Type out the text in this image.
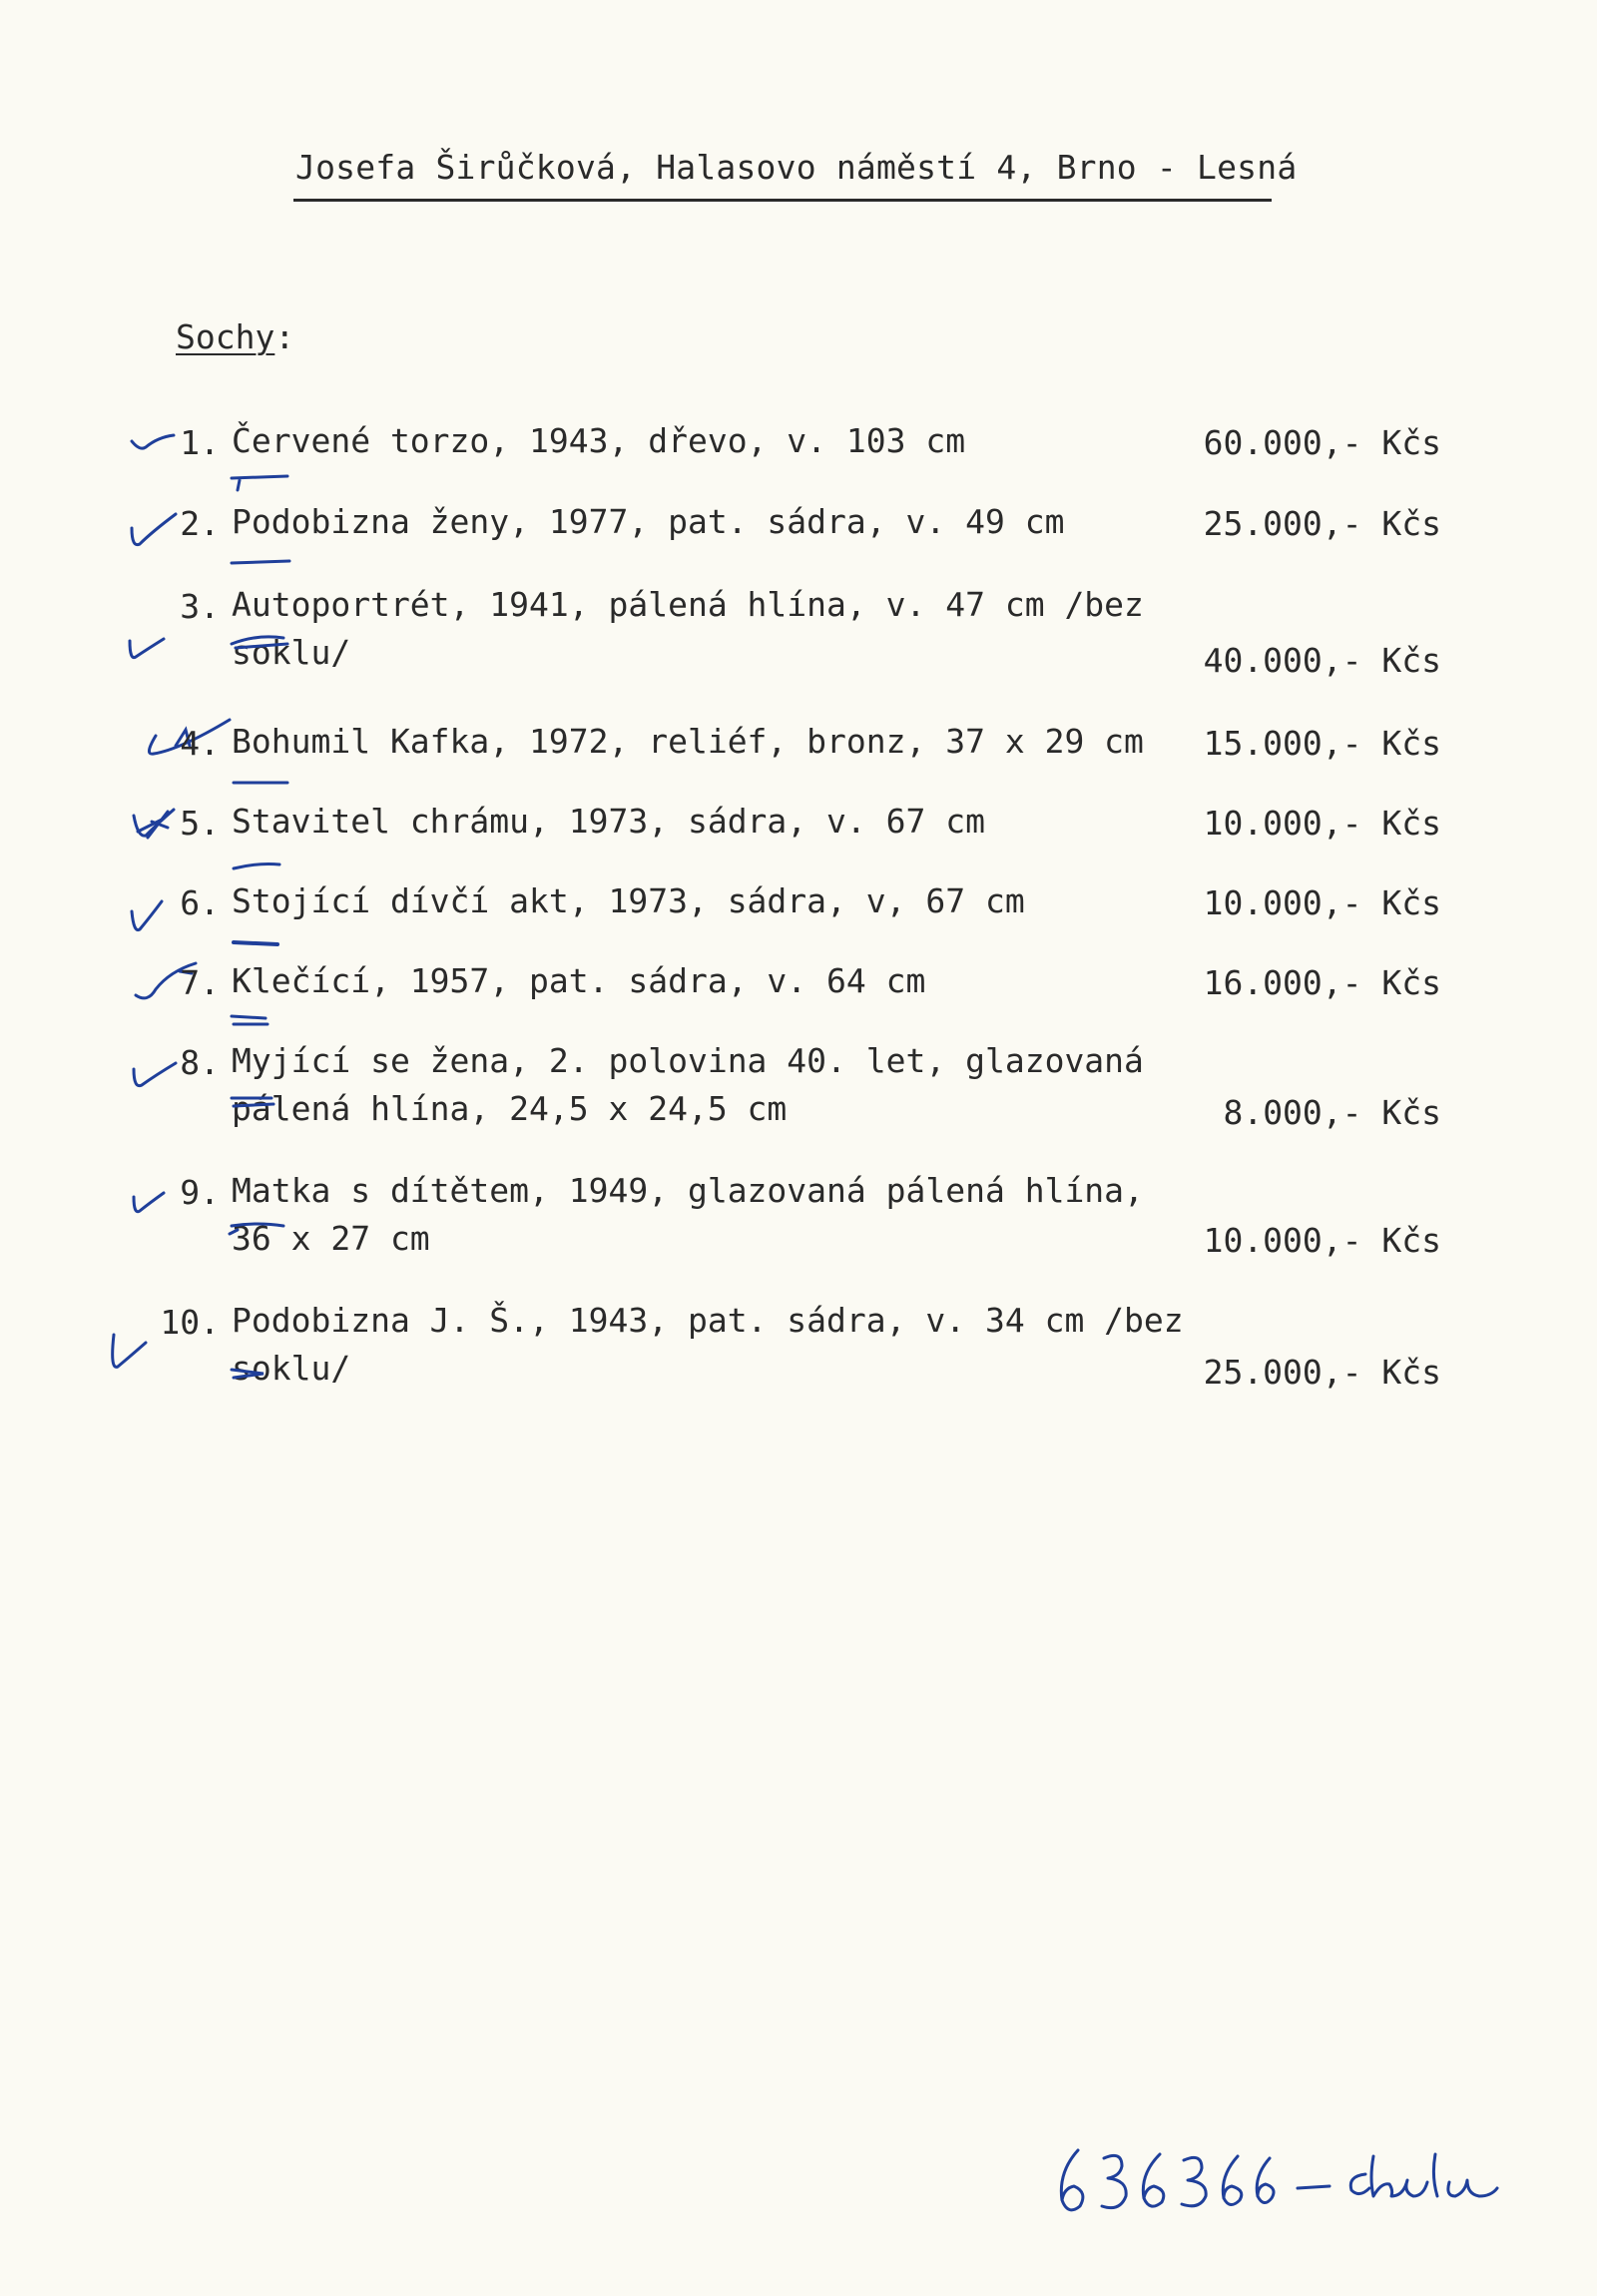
Josefa Širůčková, Halasovo náměstí 4, Brno - Lesná
Sochy:
1. Červené torzo, 1943, dřevo, v. 103 cm	60.000,- Kčs
2. Podobizna ženy, 1977, pat. sádra, v. 49 cm	25.000,- Kčs
3. Autoportrét, 1941, pálená hlína, v. 47 cm /bez
soklu/	40.000,- Kčs
4. Bohumil Kafka, 1972, reliéf, bronz, 37 x 29 cm 15.000,- Kčs
5. Stavitel chrámu, 1973, sádra, v. 67 cm	10.000,- Kčs
6. Stojící dívčí akt, 1973, sádra, v, 67 cm	10.000,- Kčs
7. Klečící, 1957, pat. sádra, v. 64 cm	16.000,- Kčs
8. Myjící se žena, 2. polovina 40. let, glazovaná
pálená hlína, 24,5 x 24,5 cm	8.000,- Kčs
9. Matka s dítětem, 1949, glazovaná pálená hlína,
36 x 27 cm	10.000,- Kčs
10. Podobizna J. Š., 1943, pat. sádra, v. 34 cm /bez
soklu/	25.000,- Kčs
